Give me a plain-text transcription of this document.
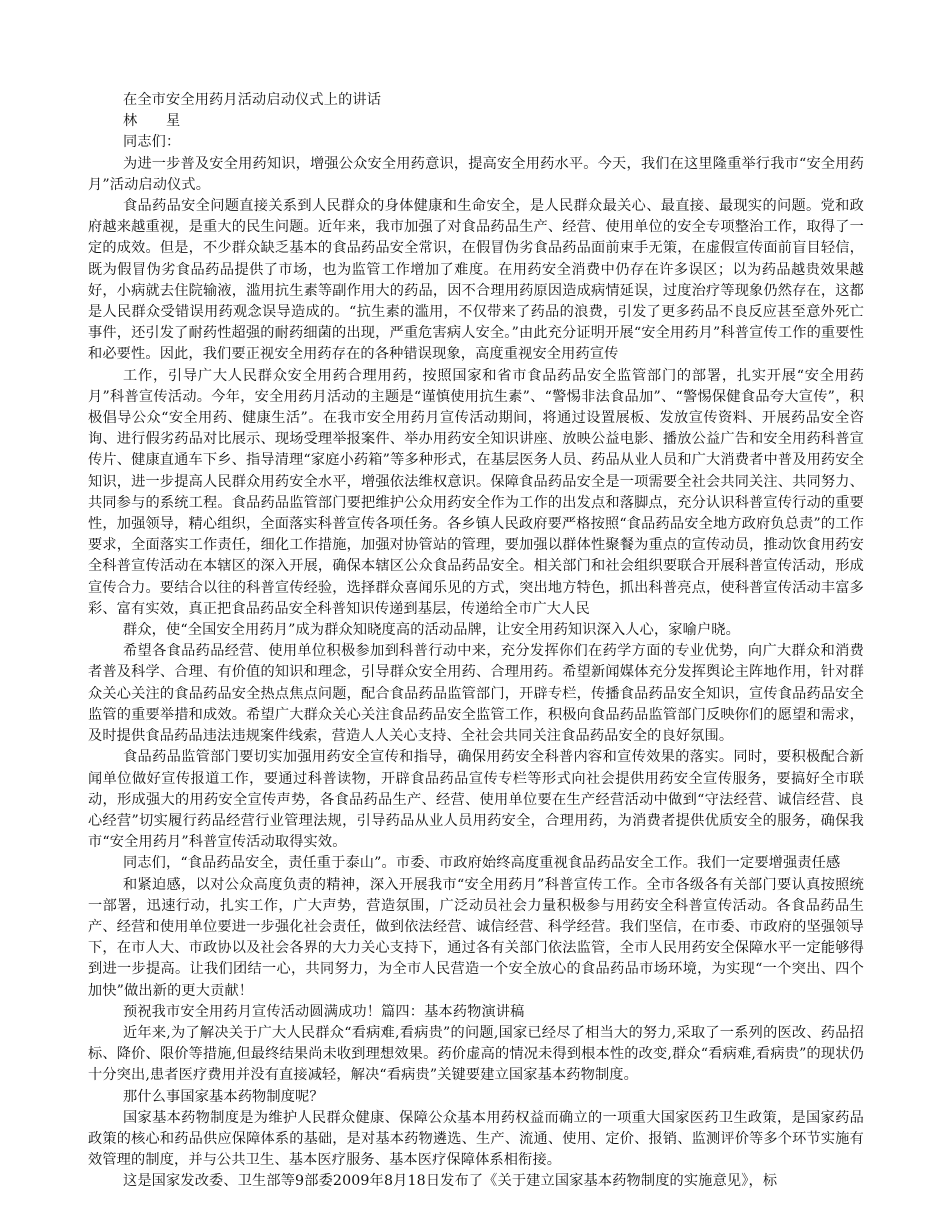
在全市安全用药月活动启动仪式上的讲话

林　　星

同志们：

为进一步普及安全用药知识，增强公众安全用药意识，提高安全用药水平。今天，我们在这里隆重举行我市“安全用药月”活动启动仪式。

食品药品安全问题直接关系到人民群众的身体健康和生命安全，是人民群众最关心、最直接、最现实的问题。党和政府越来越重视，是重大的民生问题。近年来，我市加强了对食品药品生产、经营、使用单位的安全专项整治工作，取得了一定的成效。但是，不少群众缺乏基本的食品药品安全常识，在假冒伪劣食品药品面前束手无策，在虚假宣传面前盲目轻信，既为假冒伪劣食品药品提供了市场，也为监管工作增加了难度。在用药安全消费中仍存在许多误区；以为药品越贵效果越好，小病就去住院输液，滥用抗生素等副作用大的药品，因不合理用药原因造成病情延误，过度治疗等现象仍然存在，这都是人民群众受错误用药观念误导造成的。“抗生素的滥用，不仅带来了药品的浪费，引发了更多药品不良反应甚至意外死亡事件，还引发了耐药性超强的耐药细菌的出现，严重危害病人安全。”由此充分证明开展“安全用药月”科普宣传工作的重要性和必要性。因此，我们要正视安全用药存在的各种错误现象，高度重视安全用药宣传

工作，引导广大人民群众安全用药合理用药，按照国家和省市食品药品安全监管部门的部署，扎实开展“安全用药月”科普宣传活动。今年，安全用药月活动的主题是“谨慎使用抗生素”、“警惕非法食品加”、“警惕保健食品夸大宣传”，积极倡导公众“安全用药、健康生活”。在我市安全用药月宣传活动期间，将通过设置展板、发放宣传资料、开展药品安全咨询、进行假劣药品对比展示、现场受理举报案件、举办用药安全知识讲座、放映公益电影、播放公益广告和安全用药科普宣传片、健康直通车下乡、指导清理“家庭小药箱”等多种形式，在基层医务人员、药品从业人员和广大消费者中普及用药安全知识，进一步提高人民群众用药安全水平，增强依法维权意识。保障食品药品安全是一项需要全社会共同关注、共同努力、共同参与的系统工程。食品药品监管部门要把维护公众用药安全作为工作的出发点和落脚点，充分认识科普宣传行动的重要性，加强领导，精心组织，全面落实科普宣传各项任务。各乡镇人民政府要严格按照“食品药品安全地方政府负总责”的工作要求，全面落实工作责任，细化工作措施，加强对协管站的管理，要加强以群体性聚餐为重点的宣传动员，推动饮食用药安全科普宣传活动在本辖区的深入开展，确保本辖区公众食品药品安全。相关部门和社会组织要联合开展科普宣传活动，形成宣传合力。要结合以往的科普宣传经验，选择群众喜闻乐见的方式，突出地方特色，抓出科普亮点，使科普宣传活动丰富多彩、富有实效，真正把食品药品安全科普知识传递到基层，传递给全市广大人民

群众，使“全国安全用药月”成为群众知晓度高的活动品牌，让安全用药知识深入人心，家喻户晓。

希望各食品药品经营、使用单位积极参加到科普行动中来，充分发挥你们在药学方面的专业优势，向广大群众和消费者普及科学、合理、有价值的知识和理念，引导群众安全用药、合理用药。希望新闻媒体充分发挥舆论主阵地作用，针对群众关心关注的食品药品安全热点焦点问题，配合食品药品监管部门，开辟专栏，传播食品药品安全知识，宣传食品药品安全监管的重要举措和成效。希望广大群众关心关注食品药品安全监管工作，积极向食品药品监管部门反映你们的愿望和需求，及时提供食品药品违法违规案件线索，营造人人关心支持、全社会共同关注食品药品安全的良好氛围。

食品药品监管部门要切实加强用药安全宣传和指导，确保用药安全科普内容和宣传效果的落实。同时，要积极配合新闻单位做好宣传报道工作，要通过科普读物，开辟食品药品宣传专栏等形式向社会提供用药安全宣传服务，要搞好全市联动，形成强大的用药安全宣传声势，各食品药品生产、经营、使用单位要在生产经营活动中做到“守法经营、诚信经营、良心经营”切实履行药品经营行业管理法规，引导药品从业人员用药安全，合理用药，为消费者提供优质安全的服务，确保我市“安全用药月”科普宣传活动取得实效。

同志们，“食品药品安全，责任重于泰山”。市委、市政府始终高度重视食品药品安全工作。我们一定要增强责任感

和紧迫感，以对公众高度负责的精神，深入开展我市“安全用药月”科普宣传工作。全市各级各有关部门要认真按照统一部署，迅速行动，扎实工作，广大声势，营造氛围，广泛动员社会力量积极参与用药安全科普宣传活动。各食品药品生产、经营和使用单位要进一步强化社会责任，做到依法经营、诚信经营、科学经营。我们坚信，在市委、市政府的坚强领导下，在市人大、市政协以及社会各界的大力关心支持下，通过各有关部门依法监管，全市人民用药安全保障水平一定能够得到进一步提高。让我们团结一心，共同努力，为全市人民营造一个安全放心的食品药品市场环境，为实现“一个突出、四个加快”做出新的更大贡献！

预祝我市安全用药月宣传活动圆满成功！篇四：基本药物演讲稿

近年来,为了解决关于广大人民群众“看病难,看病贵”的问题,国家已经尽了相当大的努力,采取了一系列的医改、药品招标、降价、限价等措施,但最终结果尚未收到理想效果。药价虚高的情况未得到根本性的改变,群众“看病难,看病贵”的现状仍十分突出,患者医疗费用并没有直接减轻，解决“看病贵”关键要建立国家基本药物制度。

那什么事国家基本药物制度呢？

国家基本药物制度是为维护人民群众健康、保障公众基本用药权益而确立的一项重大国家医药卫生政策，是国家药品政策的核心和药品供应保障体系的基础，是对基本药物遴选、生产、流通、使用、定价、报销、监测评价等多个环节实施有效管理的制度，并与公共卫生、基本医疗服务、基本医疗保障体系相衔接。

这是国家发改委、卫生部等9部委2009年8月18日发布了《关于建立国家基本药物制度的实施意见》，标
